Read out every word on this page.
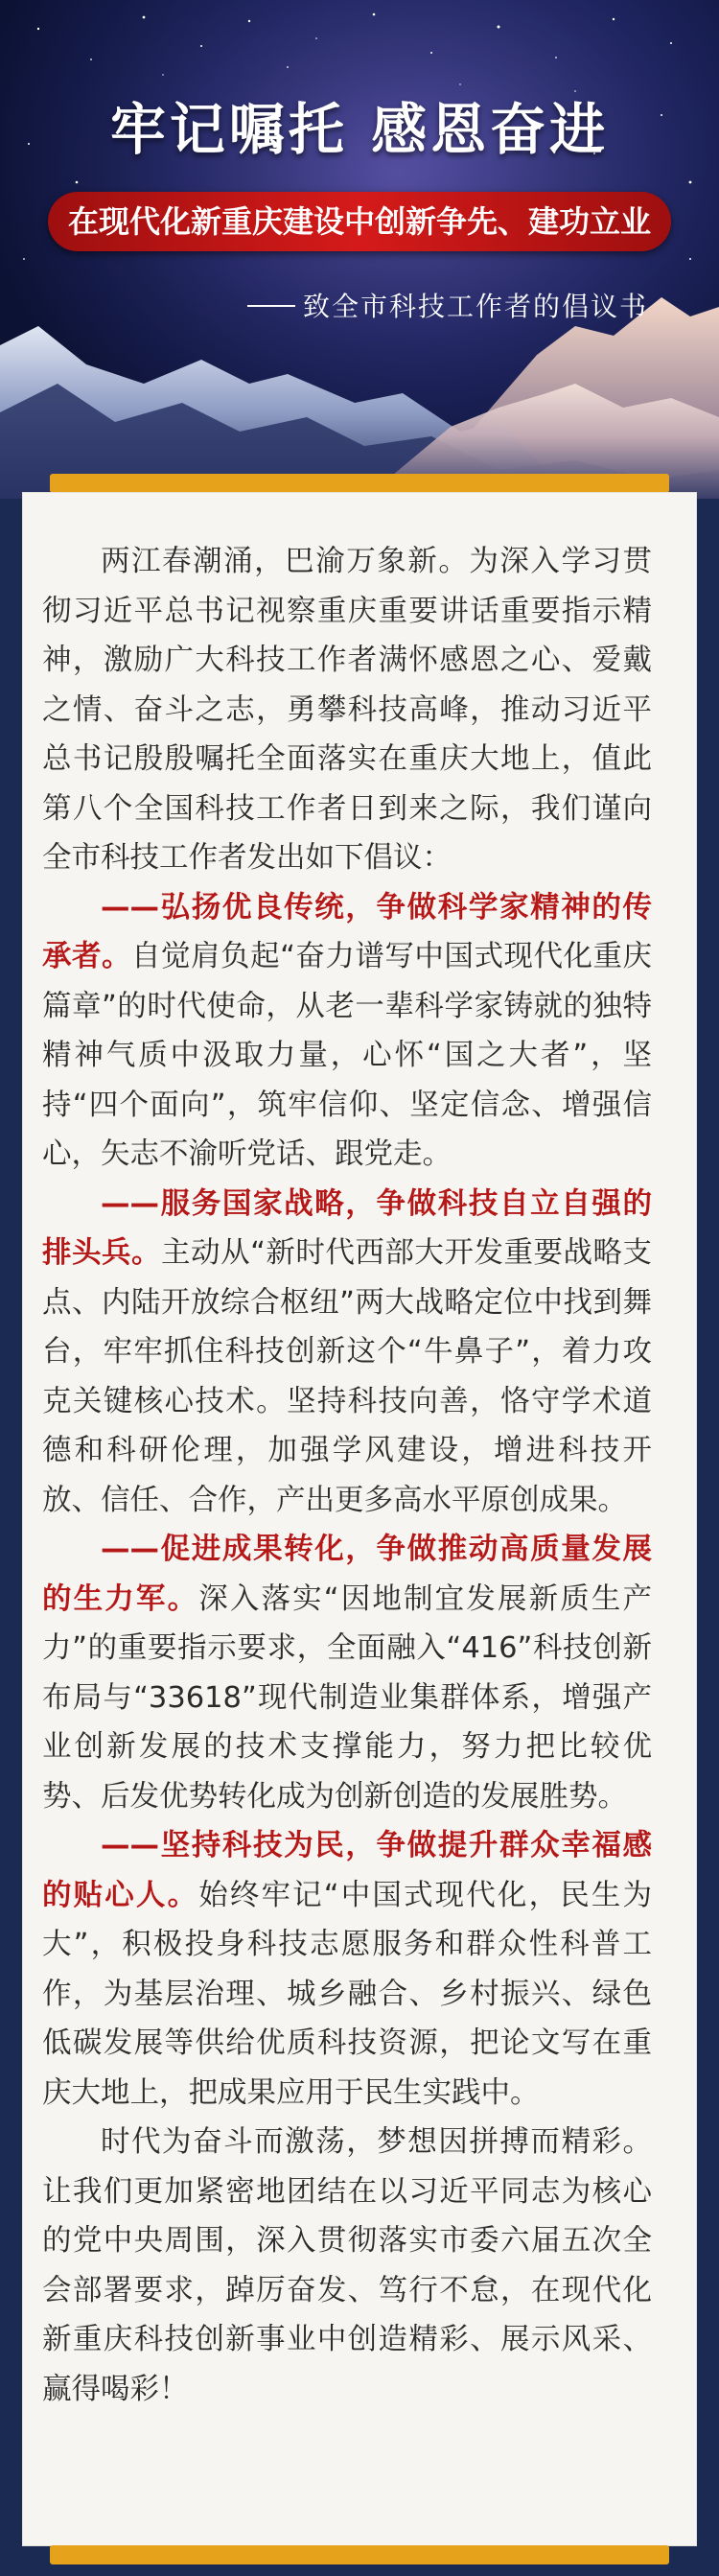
牢记嘱托 感恩奋进
在现代化新重庆建设中创新争先、建功立业
致全市科技工作者的倡议书

两江春潮涌，巴渝万象新。为深入学习贯彻习近平总书记视察重庆重要讲话重要指示精神，激励广大科技工作者满怀感恩之心、爱戴之情、奋斗之志，勇攀科技高峰，推动习近平总书记殷殷嘱托全面落实在重庆大地上，值此第八个全国科技工作者日到来之际，我们谨向全市科技工作者发出如下倡议：

——弘扬优良传统，争做科学家精神的传承者。自觉肩负起“奋力谱写中国式现代化重庆篇章”的时代使命，从老一辈科学家铸就的独特精神气质中汲取力量，心怀“国之大者”，坚持“四个面向”，筑牢信仰、坚定信念、增强信心，矢志不渝听党话、跟党走。

——服务国家战略，争做科技自立自强的排头兵。主动从“新时代西部大开发重要战略支点、内陆开放综合枢纽”两大战略定位中找到舞台，牢牢抓住科技创新这个“牛鼻子”，着力攻克关键核心技术。坚持科技向善，恪守学术道德和科研伦理，加强学风建设，增进科技开放、信任、合作，产出更多高水平原创成果。

——促进成果转化，争做推动高质量发展的生力军。深入落实“因地制宜发展新质生产力”的重要指示要求，全面融入“416”科技创新布局与“33618”现代制造业集群体系，增强产业创新发展的技术支撑能力，努力把比较优势、后发优势转化成为创新创造的发展胜势。

——坚持科技为民，争做提升群众幸福感的贴心人。始终牢记“中国式现代化，民生为大”，积极投身科技志愿服务和群众性科普工作，为基层治理、城乡融合、乡村振兴、绿色低碳发展等供给优质科技资源，把论文写在重庆大地上，把成果应用于民生实践中。

时代为奋斗而激荡，梦想因拼搏而精彩。让我们更加紧密地团结在以习近平同志为核心的党中央周围，深入贯彻落实市委六届五次全会部署要求，踔厉奋发、笃行不怠，在现代化新重庆科技创新事业中创造精彩、展示风采、赢得喝彩！
